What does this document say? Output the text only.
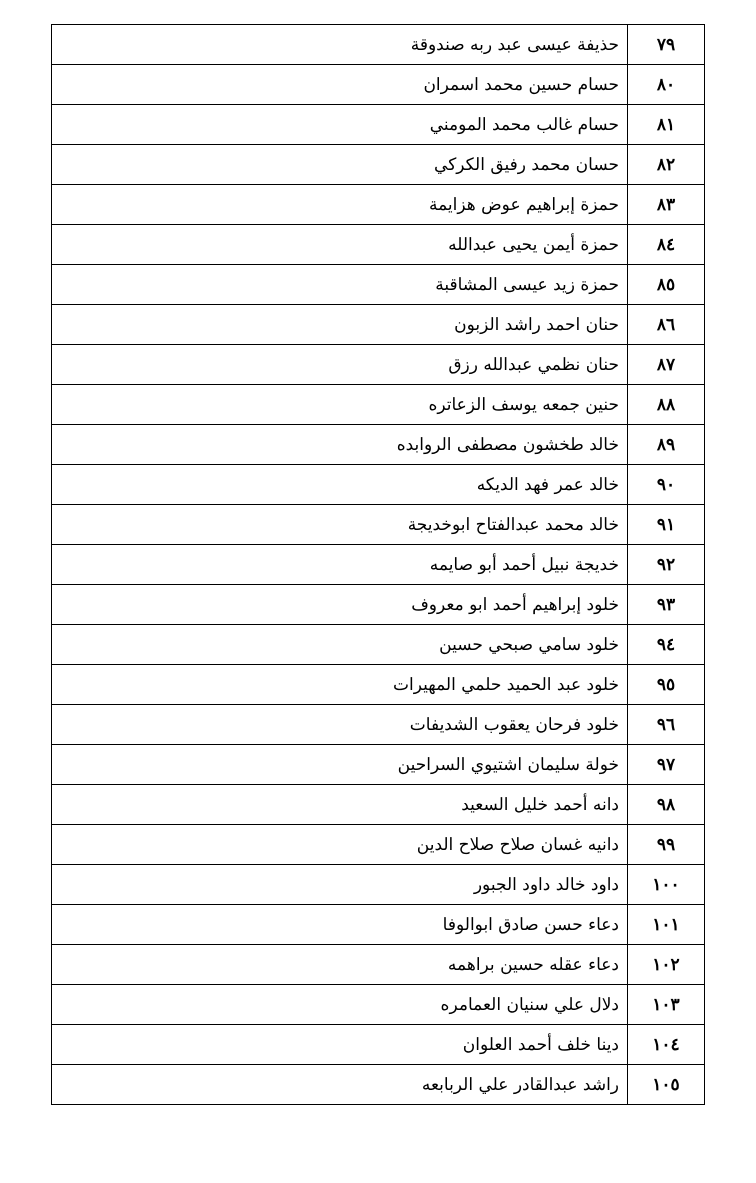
٧٩	حذيفة عيسى عبد ربه صندوقة
٨٠	حسام حسين محمد اسمران
٨١	حسام غالب محمد المومني
٨٢	حسان محمد رفيق الكركي
٨٣	حمزة إبراهيم عوض هزايمة
٨٤	حمزة أيمن يحيى عبدالله
٨٥	حمزة زيد عيسى المشاقبة
٨٦	حنان احمد راشد الزبون
٨٧	حنان نظمي عبدالله رزق
٨٨	حنين جمعه يوسف الزعاتره
٨٩	خالد طخشون مصطفى الروابده
٩٠	خالد عمر فهد الديكه
٩١	خالد محمد عبدالفتاح ابوخديجة
٩٢	خديجة نبيل أحمد أبو صايمه
٩٣	خلود إبراهيم أحمد ابو معروف
٩٤	خلود سامي صبحي حسين
٩٥	خلود عبد الحميد حلمي المهيرات
٩٦	خلود فرحان يعقوب الشديفات
٩٧	خولة سليمان اشتيوي السراحين
٩٨	دانه أحمد خليل السعيد
٩٩	دانيه غسان صلاح صلاح الدين
١٠٠	داود خالد داود الجبور
١٠١	دعاء حسن صادق ابوالوفا
١٠٢	دعاء عقله حسين براهمه
١٠٣	دلال علي سنيان العمامره
١٠٤	دينا خلف أحمد العلوان
١٠٥	راشد عبدالقادر علي الربابعه
